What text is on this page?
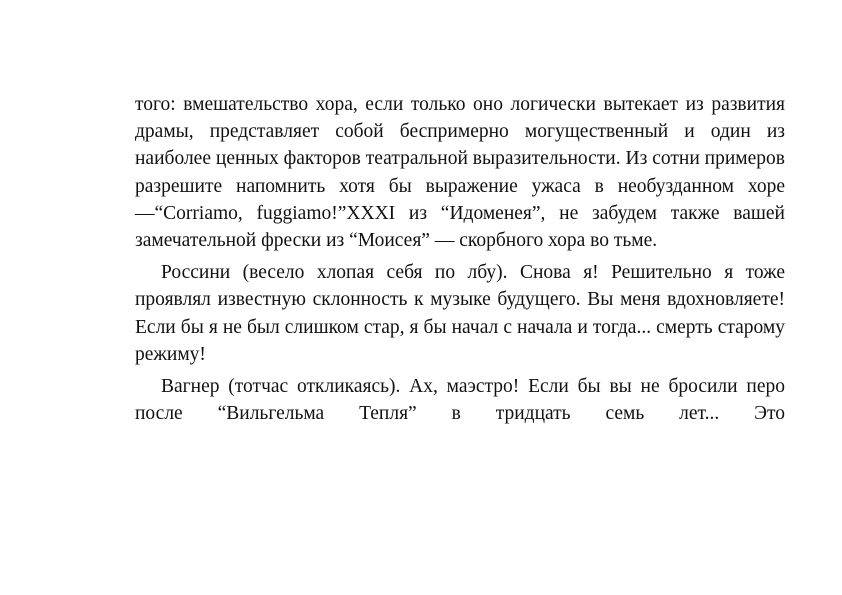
того: вмешательство хора, если только оно логически вытекает из развития драмы, представляет собой беспримерно могущественный и один из наиболее ценных факторов театральной выразительности. Из сотни примеров разрешите напомнить хотя бы выражение ужаса в необузданном хоре—“Corriamo, fuggiamo!”XXXI из “Идоменея”, не забудем также вашей замечательной фрески из “Моисея” — скорбного хора во тьме.

Россини (весело хлопая себя по лбу). Снова я! Решительно я тоже проявлял известную склонность к музыке будущего. Вы меня вдохновляете! Если бы я не был слишком стар, я бы начал с начала и тогда... смерть старому режиму!

Вагнер (тотчас откликаясь). Ах, маэстро! Если бы вы не бросили перо после “Вильгельма Тепля” в тридцать семь лет... Это
